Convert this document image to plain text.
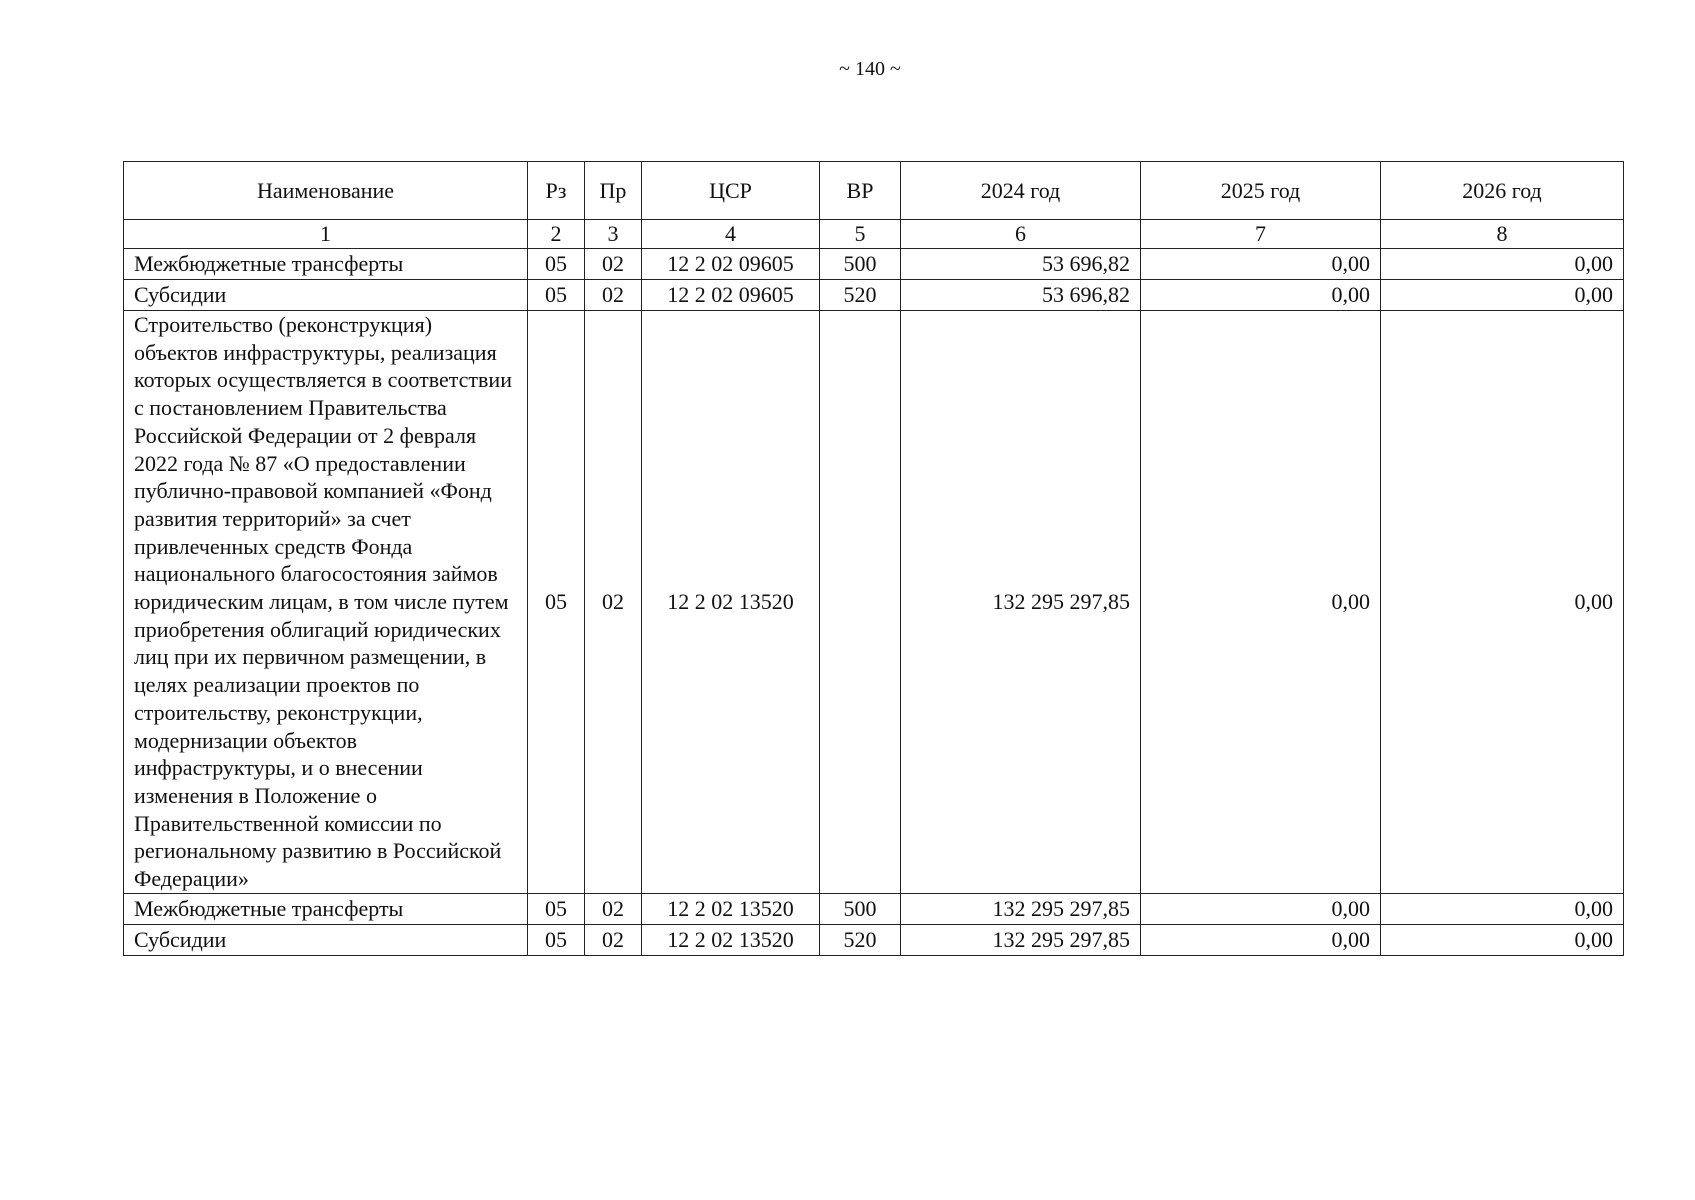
~ 140 ~
Наименование	Рз	Пр	ЦСР	ВР	2024 год	2025 год	2026 год
1	2	3	4	5	6	7	8
Межбюджетные трансферты	05	02	12 2 02 09605	500	53 696,82	0,00	0,00
Субсидии	05	02	12 2 02 09605	520	53 696,82	0,00	0,00
Строительство (реконструкция) объектов инфраструктуры, реализация которых осуществляется в соответствии с постановлением Правительства Российской Федерации от 2 февраля 2022 года № 87 «О предоставлении публично-правовой компанией «Фонд развития территорий» за счет привлеченных средств Фонда национального благосостояния займов юридическим лицам, в том числе путем приобретения облигаций юридических лиц при их первичном размещении, в целях реализации проектов по строительству, реконструкции, модернизации объектов инфраструктуры, и о внесении изменения в Положение о Правительственной комиссии по региональному развитию в Российской Федерации»	05	02	12 2 02 13520		132 295 297,85	0,00	0,00
Межбюджетные трансферты	05	02	12 2 02 13520	500	132 295 297,85	0,00	0,00
Субсидии	05	02	12 2 02 13520	520	132 295 297,85	0,00	0,00
